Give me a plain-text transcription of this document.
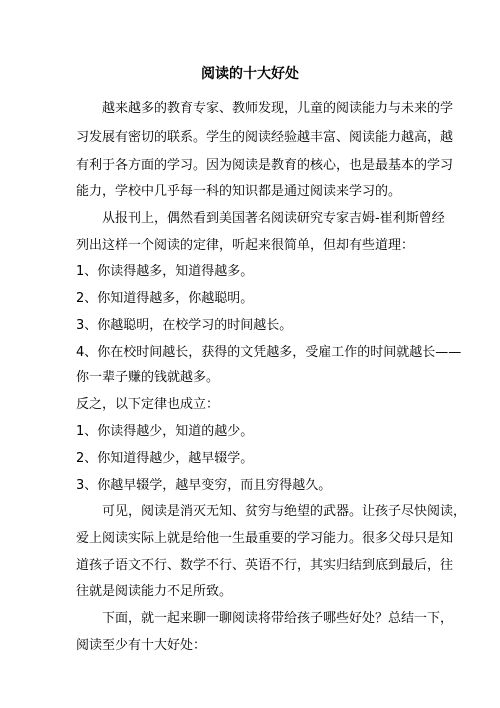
阅读的十大好处
越来越多的教育专家、教师发现，儿童的阅读能力与未来的学
习发展有密切的联系。学生的阅读经验越丰富、阅读能力越高，越
有利于各方面的学习。因为阅读是教育的核心，也是最基本的学习
能力，学校中几乎每一科的知识都是通过阅读来学习的。
从报刊上，偶然看到美国著名阅读研究专家吉姆-崔利斯曾经
列出这样一个阅读的定律，听起来很简单，但却有些道理：
1、你读得越多，知道得越多。
2、你知道得越多，你越聪明。
3、你越聪明，在校学习的时间越长。
4、你在校时间越长，获得的文凭越多，受雇工作的时间就越长——
你一辈子赚的钱就越多。
反之，以下定律也成立：
1、你读得越少，知道的越少。
2、你知道得越少，越早辍学。
3、你越早辍学，越早变穷，而且穷得越久。
可见，阅读是消灭无知、贫穷与绝望的武器。让孩子尽快阅读，
爱上阅读实际上就是给他一生最重要的学习能力。很多父母只是知
道孩子语文不行、数学不行、英语不行，其实归结到底到最后，往
往就是阅读能力不足所致。
下面，就一起来聊一聊阅读将带给孩子哪些好处？总结一下，
阅读至少有十大好处：
